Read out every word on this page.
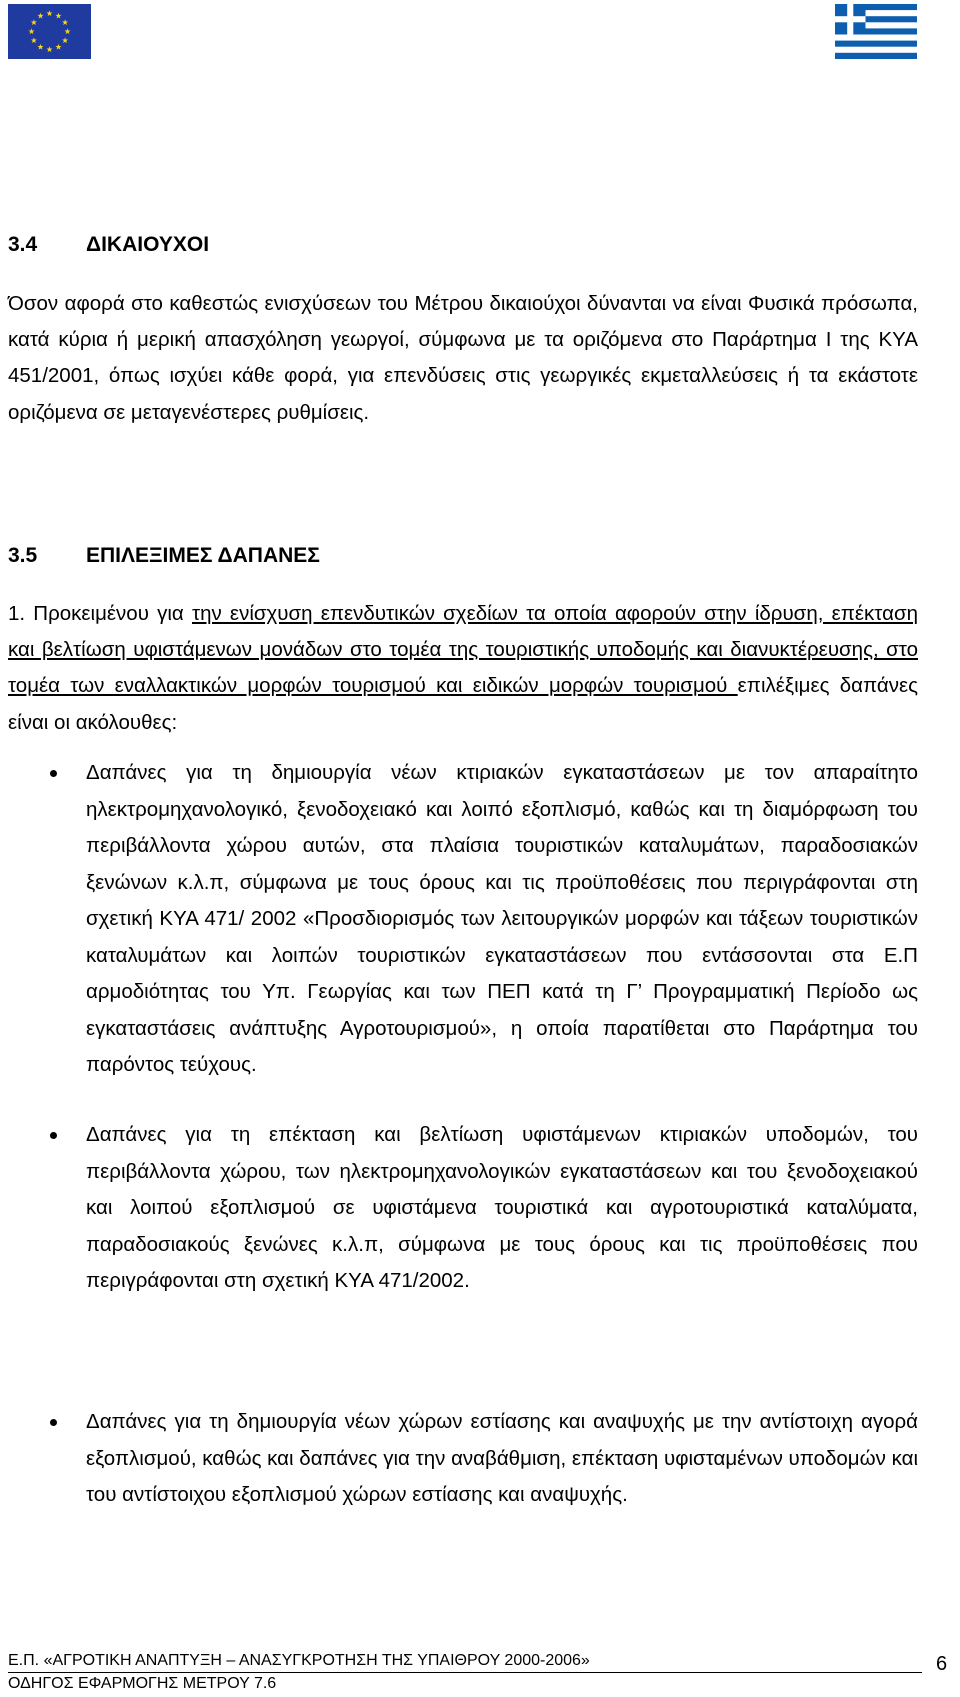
3.4 ΔΙΚΑΙΟΥΧΟΙ

Όσον αφορά στο καθεστώς ενισχύσεων του Μέτρου δικαιούχοι δύνανται να είναι Φυσικά πρόσωπα, κατά κύρια ή μερική απασχόληση γεωργοί, σύμφωνα με τα οριζόμενα στο Παράρτημα Ι της ΚΥΑ 451/2001, όπως ισχύει κάθε φορά, για επενδύσεις στις γεωργικές εκμεταλλεύσεις ή τα εκάστοτε οριζόμενα σε μεταγενέστερες ρυθμίσεις.

3.5 ΕΠΙΛΕΞΙΜΕΣ ΔΑΠΑΝΕΣ

1. Προκειμένου για την ενίσχυση επενδυτικών σχεδίων τα οποία αφορούν στην ίδρυση, επέκταση και βελτίωση υφιστάμενων μονάδων στο τομέα της τουριστικής υποδομής και διανυκτέρευσης, στο τομέα των εναλλακτικών μορφών τουρισμού και ειδικών μορφών τουρισμού επιλέξιμες δαπάνες είναι οι ακόλουθες:

Δαπάνες για τη δημιουργία νέων κτιριακών εγκαταστάσεων με τον απαραίτητο ηλεκτρομηχανολογικό, ξενοδοχειακό και λοιπό εξοπλισμό, καθώς και τη διαμόρφωση του περιβάλλοντα χώρου αυτών, στα πλαίσια τουριστικών καταλυμάτων, παραδοσιακών ξενώνων κ.λ.π, σύμφωνα με τους όρους και τις προϋποθέσεις που περιγράφονται στη σχετική ΚΥΑ 471/ 2002 «Προσδιορισμός των λειτουργικών μορφών και τάξεων τουριστικών καταλυμάτων και λοιπών τουριστικών εγκαταστάσεων που εντάσσονται στα Ε.Π αρμοδιότητας του Υπ. Γεωργίας και των ΠΕΠ κατά τη Γ’ Προγραμματική Περίοδο ως εγκαταστάσεις ανάπτυξης Αγροτουρισμού», η οποία παρατίθεται στο Παράρτημα του παρόντος τεύχους.
Δαπάνες για τη επέκταση και βελτίωση υφιστάμενων κτιριακών υποδομών, του περιβάλλοντα χώρου, των ηλεκτρομηχανολογικών εγκαταστάσεων και του ξενοδοχειακού και λοιπού εξοπλισμού σε υφιστάμενα τουριστικά και αγροτουριστικά καταλύματα, παραδοσιακούς ξενώνες κ.λ.π, σύμφωνα με τους όρους και τις προϋποθέσεις που περιγράφονται στη σχετική ΚΥΑ 471/2002.
Δαπάνες για τη δημιουργία νέων χώρων εστίασης και αναψυχής με την αντίστοιχη αγορά εξοπλισμού, καθώς και δαπάνες για την αναβάθμιση, επέκταση υφισταμένων υποδομών και του αντίστοιχου εξοπλισμού χώρων εστίασης και αναψυχής.
Ε.Π. «ΑΓΡΟΤΙΚΗ ΑΝΑΠΤΥΞΗ – ΑΝΑΣΥΓΚΡΟΤΗΣΗ ΤΗΣ ΥΠΑΙΘΡΟΥ 2000-2006»
ΟΔΗΓΟΣ ΕΦΑΡΜΟΓΗΣ ΜΕΤΡΟΥ 7.6
6
